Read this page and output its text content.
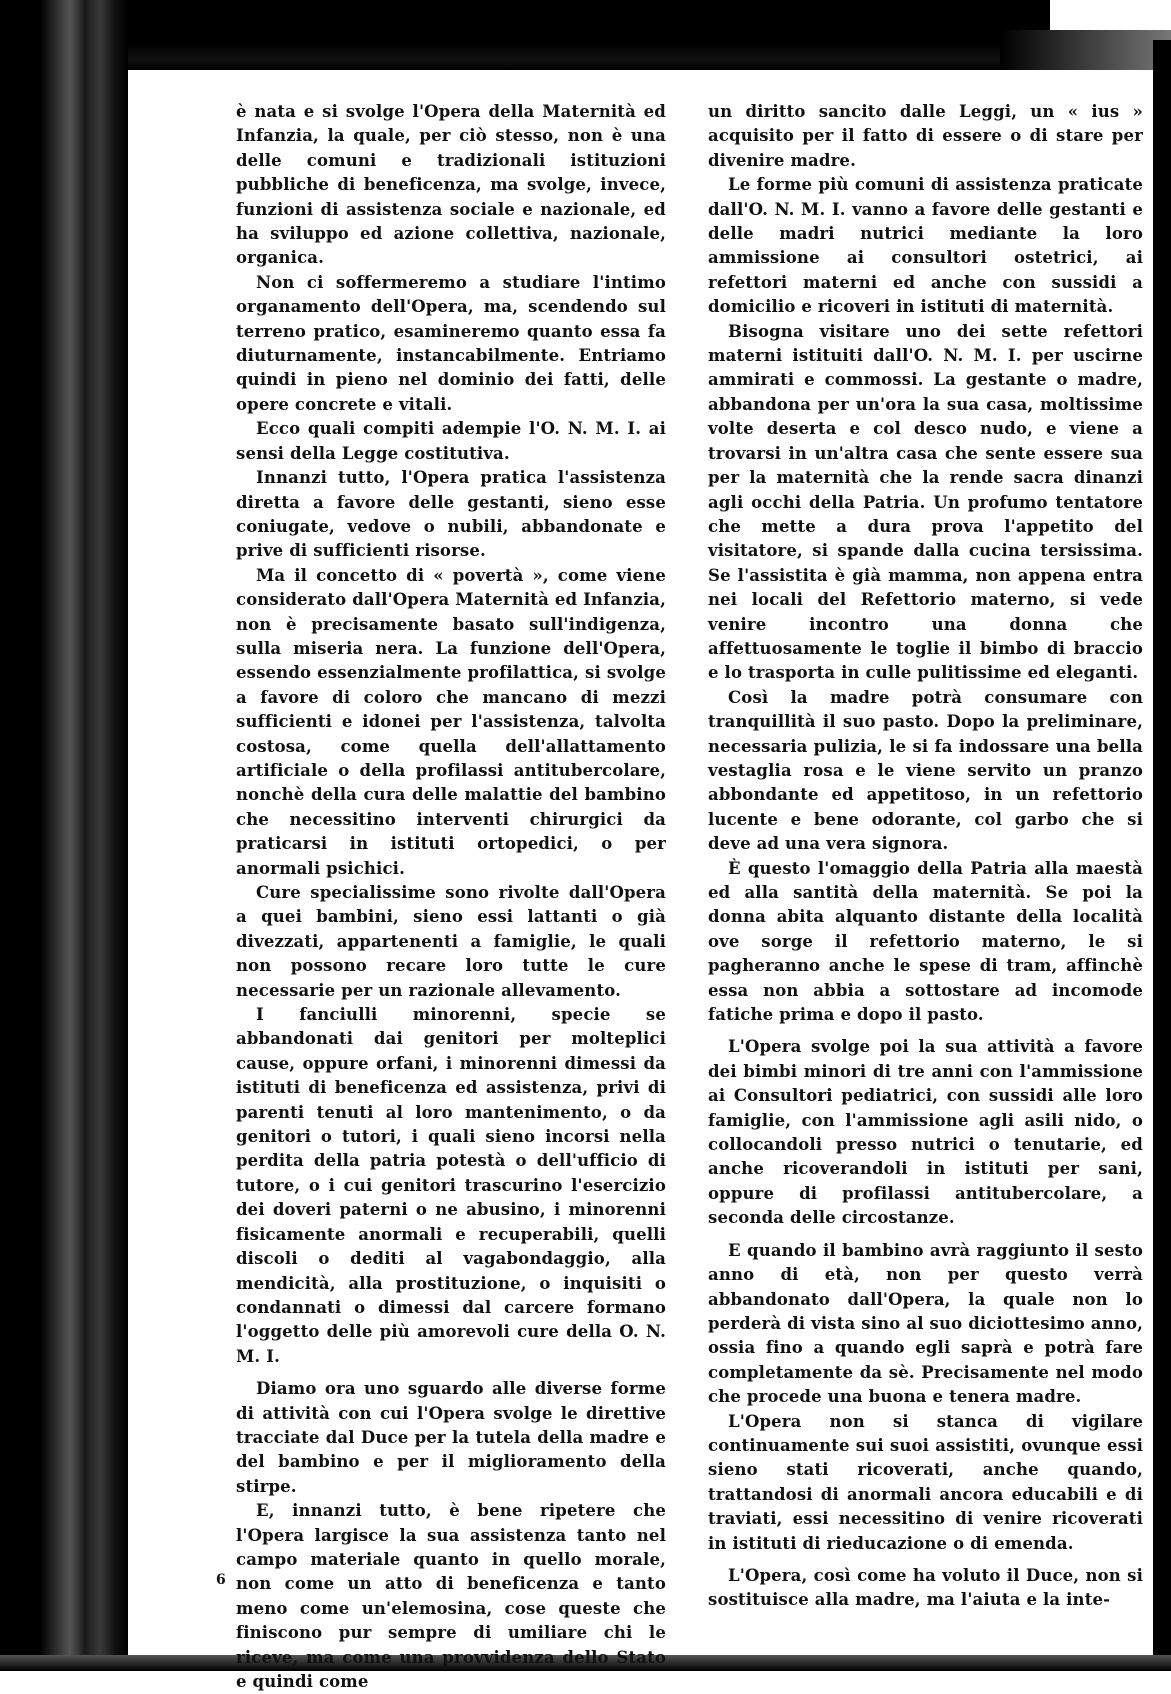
è nata e si svolge l'Opera della Maternità ed Infanzia, la quale, per ciò stesso, non è una delle comuni e tradizionali istituzioni pubbliche di beneficenza, ma svolge, invece, funzioni di assistenza sociale e nazionale, ed ha sviluppo ed azione collettiva, nazionale, organica.

Non ci soffermeremo a studiare l'intimo organamento dell'Opera, ma, scendendo sul terreno pratico, esamineremo quanto essa fa diuturnamente, instancabilmente. Entriamo quindi in pieno nel dominio dei fatti, delle opere concrete e vitali.

Ecco quali compiti adempie l'O. N. M. I. ai sensi della Legge costitutiva.

Innanzi tutto, l'Opera pratica l'assistenza diretta a favore delle gestanti, sieno esse coniugate, vedove o nubili, abbandonate e prive di sufficienti risorse.

Ma il concetto di « povertà », come viene considerato dall'Opera Maternità ed Infanzia, non è precisamente basato sull'indigenza, sulla miseria nera. La funzione dell'Opera, essendo essenzialmente profilattica, si svolge a favore di coloro che mancano di mezzi sufficienti e idonei per l'assistenza, talvolta costosa, come quella dell'allattamento artificiale o della profilassi antitubercolare, nonchè della cura delle malattie del bambino che necessitino interventi chirurgici da praticarsi in istituti ortopedici, o per anormali psichici.

Cure specialissime sono rivolte dall'Opera a quei bambini, sieno essi lattanti o già divezzati, appartenenti a famiglie, le quali non possono recare loro tutte le cure necessarie per un razionale allevamento.

I fanciulli minorenni, specie se abbandonati dai genitori per molteplici cause, oppure orfani, i minorenni dimessi da istituti di beneficenza ed assistenza, privi di parenti tenuti al loro mantenimento, o da genitori o tutori, i quali sieno incorsi nella perdita della patria potestà o dell'ufficio di tutore, o i cui genitori trascurino l'esercizio dei doveri paterni o ne abusino, i minorenni fisicamente anormali e recuperabili, quelli discoli o dediti al vagabondaggio, alla mendicità, alla prostituzione, o inquisiti o condannati o dimessi dal carcere formano l'oggetto delle più amorevoli cure della O. N. M. I.

Diamo ora uno sguardo alle diverse forme di attività con cui l'Opera svolge le direttive tracciate dal Duce per la tutela della madre e del bambino e per il miglioramento della stirpe.

E, innanzi tutto, è bene ripetere che l'Opera largisce la sua assistenza tanto nel campo materiale quanto in quello morale, non come un atto di beneficenza e tanto meno come un'elemosina, cose queste che finiscono pur sempre di umiliare chi le riceve, ma come una provvidenza dello Stato e quindi come

un diritto sancito dalle Leggi, un « ius » acquisito per il fatto di essere o di stare per divenire madre.

Le forme più comuni di assistenza praticate dall'O. N. M. I. vanno a favore delle gestanti e delle madri nutrici mediante la loro ammissione ai consultori ostetrici, ai refettori materni ed anche con sussidi a domicilio e ricoveri in istituti di maternità.

Bisogna visitare uno dei sette refettori materni istituiti dall'O. N. M. I. per uscirne ammirati e commossi. La gestante o madre, abbandona per un'ora la sua casa, moltissime volte deserta e col desco nudo, e viene a trovarsi in un'altra casa che sente essere sua per la maternità che la rende sacra dinanzi agli occhi della Patria. Un profumo tentatore che mette a dura prova l'appetito del visitatore, si spande dalla cucina tersissima. Se l'assistita è già mamma, non appena entra nei locali del Refettorio materno, si vede venire incontro una donna che affettuosamente le toglie il bimbo di braccio e lo trasporta in culle pulitissime ed eleganti.

Così la madre potrà consumare con tranquillità il suo pasto. Dopo la preliminare, necessaria pulizia, le si fa indossare una bella vestaglia rosa e le viene servito un pranzo abbondante ed appetitoso, in un refettorio lucente e bene odorante, col garbo che si deve ad una vera signora.

È questo l'omaggio della Patria alla maestà ed alla santità della maternità. Se poi la donna abita alquanto distante della località ove sorge il refettorio materno, le si pagheranno anche le spese di tram, affinchè essa non abbia a sottostare ad incomode fatiche prima e dopo il pasto.

L'Opera svolge poi la sua attività a favore dei bimbi minori di tre anni con l'ammissione ai Consultori pediatrici, con sussidi alle loro famiglie, con l'ammissione agli asili nido, o collocandoli presso nutrici o tenutarie, ed anche ricoverandoli in istituti per sani, oppure di profilassi antitubercolare, a seconda delle circostanze.

E quando il bambino avrà raggiunto il sesto anno di età, non per questo verrà abbandonato dall'Opera, la quale non lo perderà di vista sino al suo diciottesimo anno, ossia fino a quando egli saprà e potrà fare completamente da sè. Precisamente nel modo che procede una buona e tenera madre.

L'Opera non si stanca di vigilare continuamente sui suoi assistiti, ovunque essi sieno stati ricoverati, anche quando, trattandosi di anormali ancora educabili e di traviati, essi necessitino di venire ricoverati in istituti di rieducazione o di emenda.

L'Opera, così come ha voluto il Duce, non si sostituisce alla madre, ma l'aiuta e la inte-

6
